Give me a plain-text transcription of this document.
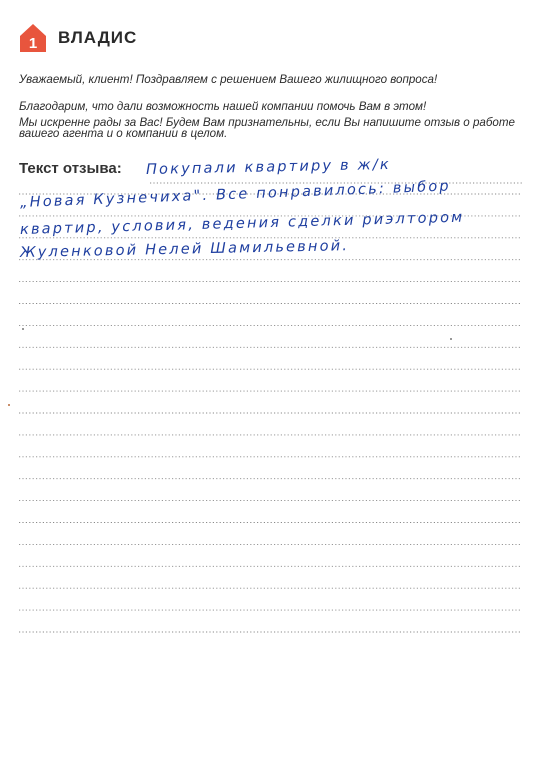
1 ВЛАДИС
Уважаемый, клиент! Поздравляем с решением Вашего жилищного вопроса!
Благодарим, что дали возможность нашей компании помочь Вам в этом!
Мы искренне рады за Вас! Будем Вам признательны, если Вы напишите отзыв о работе
вашего агента и о компании в целом.
Текст отзыва: Покупали квартиру в ж/к
„Новая Кузнечиха". Все понравилось: выбор
квартир, условия, ведения сделки риэлтором
Жуленковой Нелей Шамильевной.
